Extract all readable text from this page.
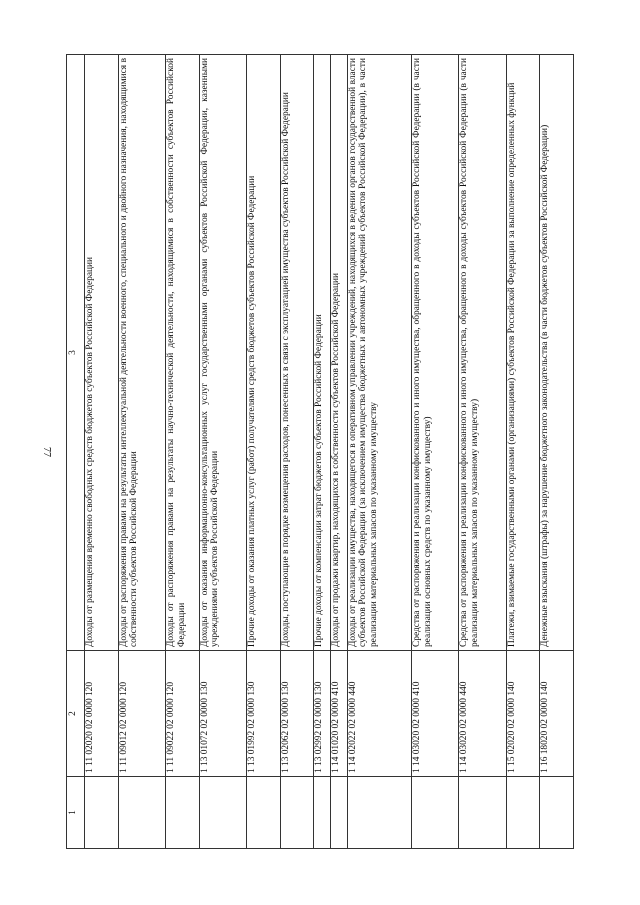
77
1	2	3
	1 11 02020 02 0000 120	Доходы от размещения временно свободных средств бюджетов субъектов Российской Федерации
	1 11 09012 02 0000 120	Доходы от распоряжения правами на результаты интеллектуальной деятельности военного, специального и двойного назначения, находящимися в собственности субъектов Российской Федерации
	1 11 09022 02 0000 120	Доходы от распоряжения правами на результаты научно-технической деятельности, находящимися в собственности субъектов Российской Федерации
	1 13 01072 02 0000 130	Доходы от оказания информационно-консультационных услуг государственными органами субъектов Российской Федерации, казенными учреждениями субъектов Российской Федерации
	1 13 01992 02 0000 130	Прочие доходы от оказания платных услуг (работ) получателями средств бюджетов субъектов Российской Федерации
	1 13 02062 02 0000 130	Доходы, поступающие в порядке возмещения расходов, понесенных в связи с эксплуатацией имущества субъектов Российской Федерации
	1 13 02992 02 0000 130	Прочие доходы от компенсации затрат бюджетов субъектов Российской Федерации
	1 14 01020 02 0000 410	Доходы от продажи квартир, находящихся в собственности субъектов Российской Федерации
	1 14 02022 02 0000 440	Доходы от реализации имущества, находящегося в оперативном управлении учреждений, находящихся в ведении органов государственной власти субъектов Российской Федерации (за исключением имущества бюджетных и автономных учреждений субъектов Российской Федерации), в части реализации материальных запасов по указанному имуществу
	1 14 03020 02 0000 410	Средства от распоряжения и реализации конфискованного и иного имущества, обращенного в доходы субъектов Российской Федерации (в части реализации основных средств по указанному имуществу)
	1 14 03020 02 0000 440	Средства от распоряжения и реализации конфискованного и иного имущества, обращенного в доходы субъектов Российской Федерации (в части реализации материальных запасов по указанному имуществу)
	1 15 02020 02 0000 140	Платежи, взимаемые государственными органами (организациями) субъектов Российской Федерации за выполнение определенных функций
	1 16 18020 02 0000 140	Денежные взыскания (штрафы) за нарушение бюджетного законодательства (в части бюджетов субъектов Российской Федерации)
